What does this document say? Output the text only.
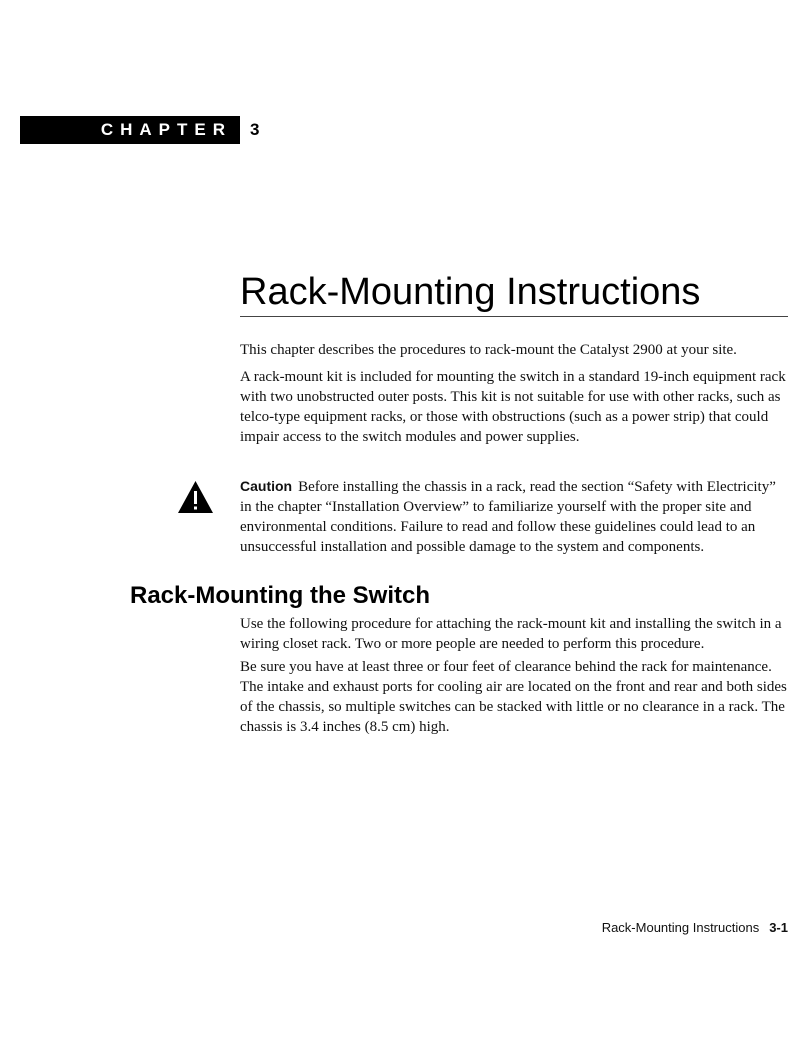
CHAPTER 3
Rack-Mounting Instructions

This chapter describes the procedures to rack-mount the Catalyst 2900 at your site.

A rack-mount kit is included for mounting the switch in a standard 19-inch equipment rack with two unobstructed outer posts. This kit is not suitable for use with other racks, such as telco-type equipment racks, or those with obstructions (such as a power strip) that could impair access to the switch modules and power supplies.

Caution Before installing the chassis in a rack, read the section “Safety with Electricity” in the chapter “Installation Overview” to familiarize yourself with the proper site and environmental conditions. Failure to read and follow these guidelines could lead to an unsuccessful installation and possible damage to the system and components.

Rack-Mounting the Switch

Use the following procedure for attaching the rack-mount kit and installing the switch in a wiring closet rack. Two or more people are needed to perform this procedure.

Be sure you have at least three or four feet of clearance behind the rack for maintenance. The intake and exhaust ports for cooling air are located on the front and rear and both sides of the chassis, so multiple switches can be stacked with little or no clearance in a rack. The chassis is 3.4 inches (8.5 cm) high.

Rack-Mounting Instructions 3-1
